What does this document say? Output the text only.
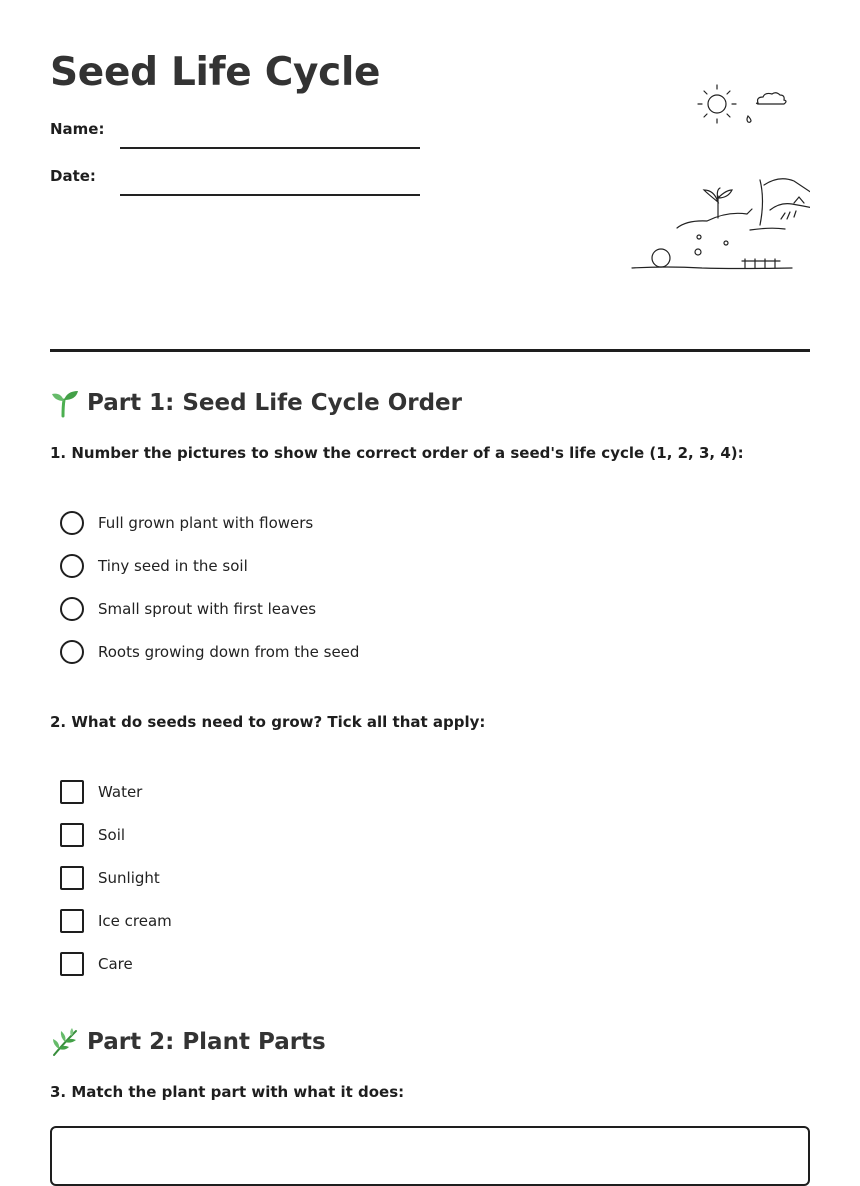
Seed Life Cycle
Name:
Date:
Part 1: Seed Life Cycle Order
1. Number the pictures to show the correct order of a seed's life cycle (1, 2, 3, 4):
Full grown plant with flowers
Tiny seed in the soil
Small sprout with first leaves
Roots growing down from the seed
2. What do seeds need to grow? Tick all that apply:
Water
Soil
Sunlight
Ice cream
Care
Part 2: Plant Parts
3. Match the plant part with what it does:
